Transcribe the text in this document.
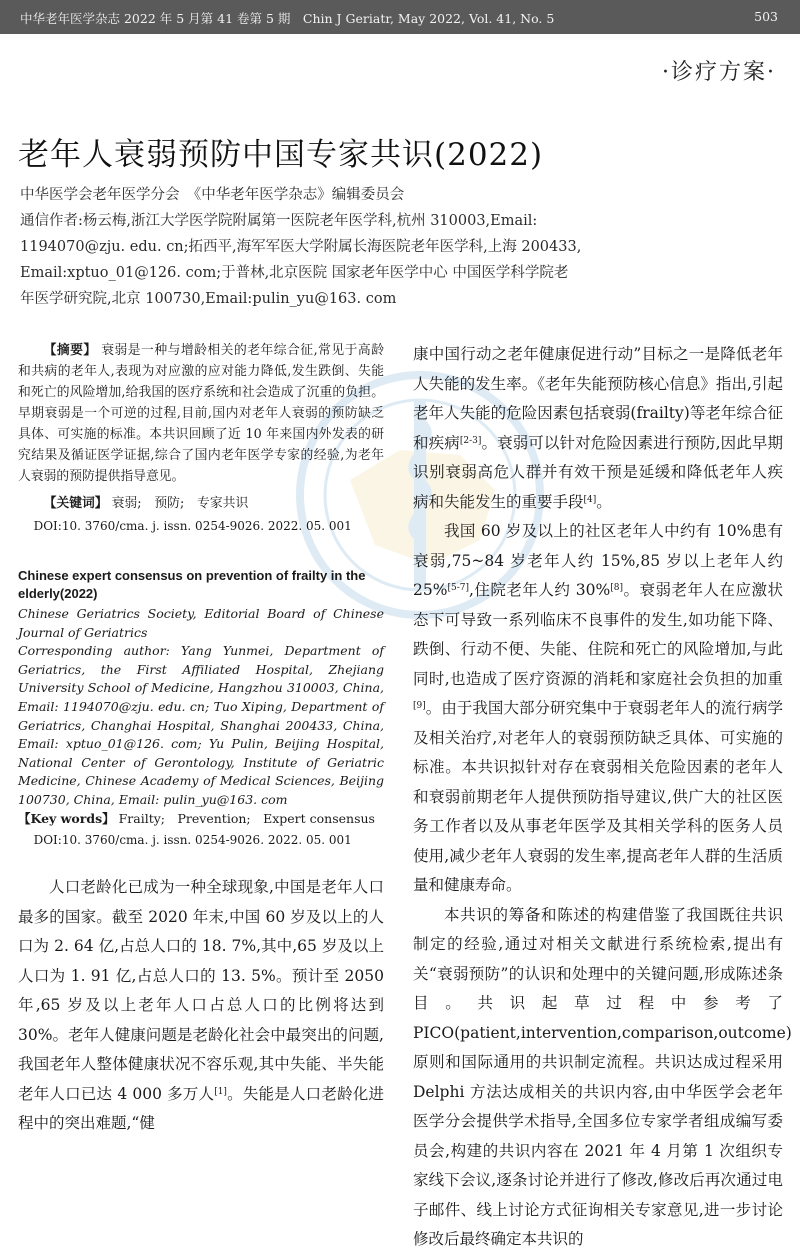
中华老年医学杂志 2022 年 5 月第 41 卷第 5 期　Chin J Geriatr, May 2022, Vol. 41, No. 5	503
·诊疗方案·
老年人衰弱预防中国专家共识(2022)

中华医学会老年医学分会　《中华老年医学杂志》编辑委员会

通信作者:杨云梅,浙江大学医学院附属第一医院老年医学科,杭州 310003,Email:

1194070@zju. edu. cn;拓西平,海军军医大学附属长海医院老年医学科,上海 200433,

Email:xptuo_01@126. com;于普林,北京医院 国家老年医学中心 中国医学科学院老

年医学研究院,北京 100730,Email:pulin_yu@163. com

【摘要】 衰弱是一种与增龄相关的老年综合征,常见于高龄和共病的老年人,表现为对应激的应对能力降低,发生跌倒、失能和死亡的风险增加,给我国的医疗系统和社会造成了沉重的负担。早期衰弱是一个可逆的过程,目前,国内对老年人衰弱的预防缺乏具体、可实施的标准。本共识回顾了近 10 年来国内外发表的研究结果及循证医学证据,综合了国内老年医学专家的经验,为老年人衰弱的预防提供指导意见。

【关键词】 衰弱;　预防;　专家共识
DOI:10. 3760/cma. j. issn. 0254-9026. 2022. 05. 001
Chinese expert consensus on prevention of frailty in the elderly(2022)

Chinese Geriatrics Society, Editorial Board of Chinese Journal of Geriatrics

Corresponding author: Yang Yunmei, Department of Geriatrics, the First Affiliated Hospital, Zhejiang University School of Medicine, Hangzhou 310003, China, Email: 1194070@zju. edu. cn; Tuo Xiping, Department of Geriatrics, Changhai Hospital, Shanghai 200433, China, Email: xptuo_01@126. com; Yu Pulin, Beijing Hospital, National Center of Gerontology, Institute of Geriatric Medicine, Chinese Academy of Medical Sciences, Beijing 100730, China, Email: pulin_yu@163. com

【Key words】 Frailty;　Prevention;　Expert consensus
DOI:10. 3760/cma. j. issn. 0254-9026. 2022. 05. 001

人口老龄化已成为一种全球现象,中国是老年人口最多的国家。截至 2020 年末,中国 60 岁及以上的人口为 2. 64 亿,占总人口的 18. 7%,其中,65 岁及以上人口为 1. 91 亿,占总人口的 13. 5%。预计至 2050 年,65 岁及以上老年人口占总人口的比例将达到 30%。老年人健康问题是老龄化社会中最突出的问题,我国老年人整体健康状况不容乐观,其中失能、半失能老年人口已达 4 000 多万人[1]。失能是人口老龄化进程中的突出难题,“健

康中国行动之老年健康促进行动”目标之一是降低老年人失能的发生率。《老年失能预防核心信息》指出,引起老年人失能的危险因素包括衰弱(frailty)等老年综合征和疾病[2-3]。衰弱可以针对危险因素进行预防,因此早期识别衰弱高危人群并有效干预是延缓和降低老年人疾病和失能发生的重要手段[4]。

我国 60 岁及以上的社区老年人中约有 10%患有衰弱,75~84 岁老年人约 15%,85 岁以上老年人约 25%[5-7],住院老年人约 30%[8]。衰弱老年人在应激状态下可导致一系列临床不良事件的发生,如功能下降、跌倒、行动不便、失能、住院和死亡的风险增加,与此同时,也造成了医疗资源的消耗和家庭社会负担的加重[9]。由于我国大部分研究集中于衰弱老年人的流行病学及相关治疗,对老年人的衰弱预防缺乏具体、可实施的标准。本共识拟针对存在衰弱相关危险因素的老年人和衰弱前期老年人提供预防指导建议,供广大的社区医务工作者以及从事老年医学及其相关学科的医务人员使用,减少老年人衰弱的发生率,提高老年人群的生活质量和健康寿命。

本共识的筹备和陈述的构建借鉴了我国既往共识制定的经验,通过对相关文献进行系统检索,提出有关“衰弱预防”的认识和处理中的关键问题,形成陈述条目。共识起草过程中参考了 PICO(patient,intervention,comparison,outcome)原则和国际通用的共识制定流程。共识达成过程采用 Delphi 方法达成相关的共识内容,由中华医学会老年医学分会提供学术指导,全国多位专家学者组成编写委员会,构建的共识内容在 2021 年 4 月第 1 次组织专家线下会议,逐条讨论并进行了修改,修改后再次通过电子邮件、线上讨论方式征询相关专家意见,进一步讨论修改后最终确定本共识的
